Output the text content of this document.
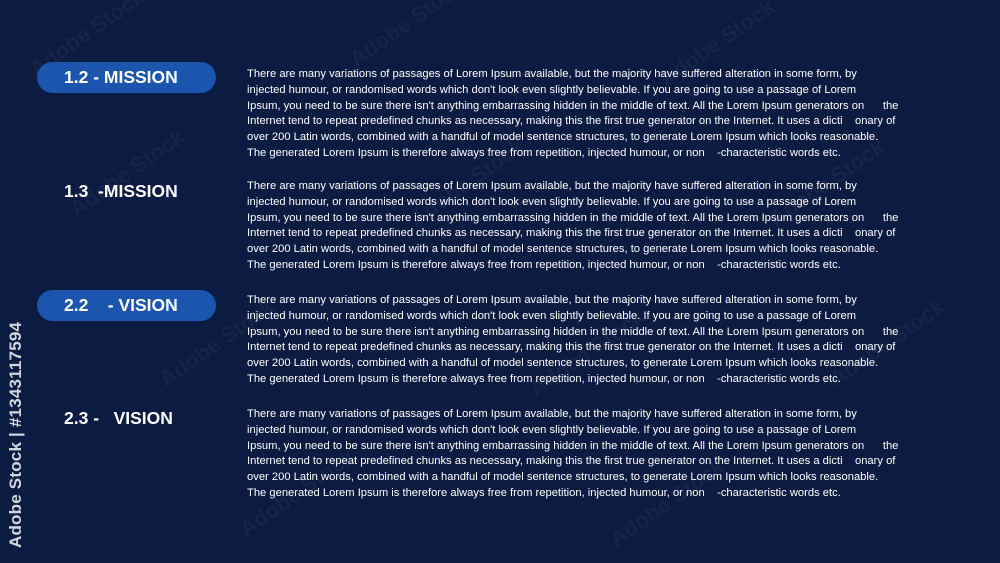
1.2 - MISSION	There are many variations of passages of Lorem Ipsum available, but the majority have suffered alteration in some form, by
injected humour, or randomised words which don't look even slightly believable. If you are going to use a passage of Lorem
Ipsum, you need to be sure there isn't anything embarrassing hidden in the middle of text. All the Lorem Ipsum generators on      the
Internet tend to repeat predefined chunks as necessary, making this the first true generator on the Internet. It uses a dicti    onary of
over 200 Latin words, combined with a handful of model sentence structures, to generate Lorem Ipsum which looks reasonable.
The generated Lorem Ipsum is therefore always free from repetition, injected humour, or non    -characteristic words etc.
1.3  -MISSION	There are many variations of passages of Lorem Ipsum available, but the majority have suffered alteration in some form, by
injected humour, or randomised words which don't look even slightly believable. If you are going to use a passage of Lorem
Ipsum, you need to be sure there isn't anything embarrassing hidden in the middle of text. All the Lorem Ipsum generators on      the
Internet tend to repeat predefined chunks as necessary, making this the first true generator on the Internet. It uses a dicti    onary of
over 200 Latin words, combined with a handful of model sentence structures, to generate Lorem Ipsum which looks reasonable.
The generated Lorem Ipsum is therefore always free from repetition, injected humour, or non    -characteristic words etc.
2.2    - VISION	There are many variations of passages of Lorem Ipsum available, but the majority have suffered alteration in some form, by
injected humour, or randomised words which don't look even slightly believable. If you are going to use a passage of Lorem
Ipsum, you need to be sure there isn't anything embarrassing hidden in the middle of text. All the Lorem Ipsum generators on      the
Internet tend to repeat predefined chunks as necessary, making this the first true generator on the Internet. It uses a dicti    onary of
over 200 Latin words, combined with a handful of model sentence structures, to generate Lorem Ipsum which looks reasonable.
The generated Lorem Ipsum is therefore always free from repetition, injected humour, or non    -characteristic words etc.
2.3 -   VISION	There are many variations of passages of Lorem Ipsum available, but the majority have suffered alteration in some form, by
injected humour, or randomised words which don't look even slightly believable. If you are going to use a passage of Lorem
Ipsum, you need to be sure there isn't anything embarrassing hidden in the middle of text. All the Lorem Ipsum generators on      the
Internet tend to repeat predefined chunks as necessary, making this the first true generator on the Internet. It uses a dicti    onary of
over 200 Latin words, combined with a handful of model sentence structures, to generate Lorem Ipsum which looks reasonable.
The generated Lorem Ipsum is therefore always free from repetition, injected humour, or non    -characteristic words etc.
Adobe Stock | #1343117594
